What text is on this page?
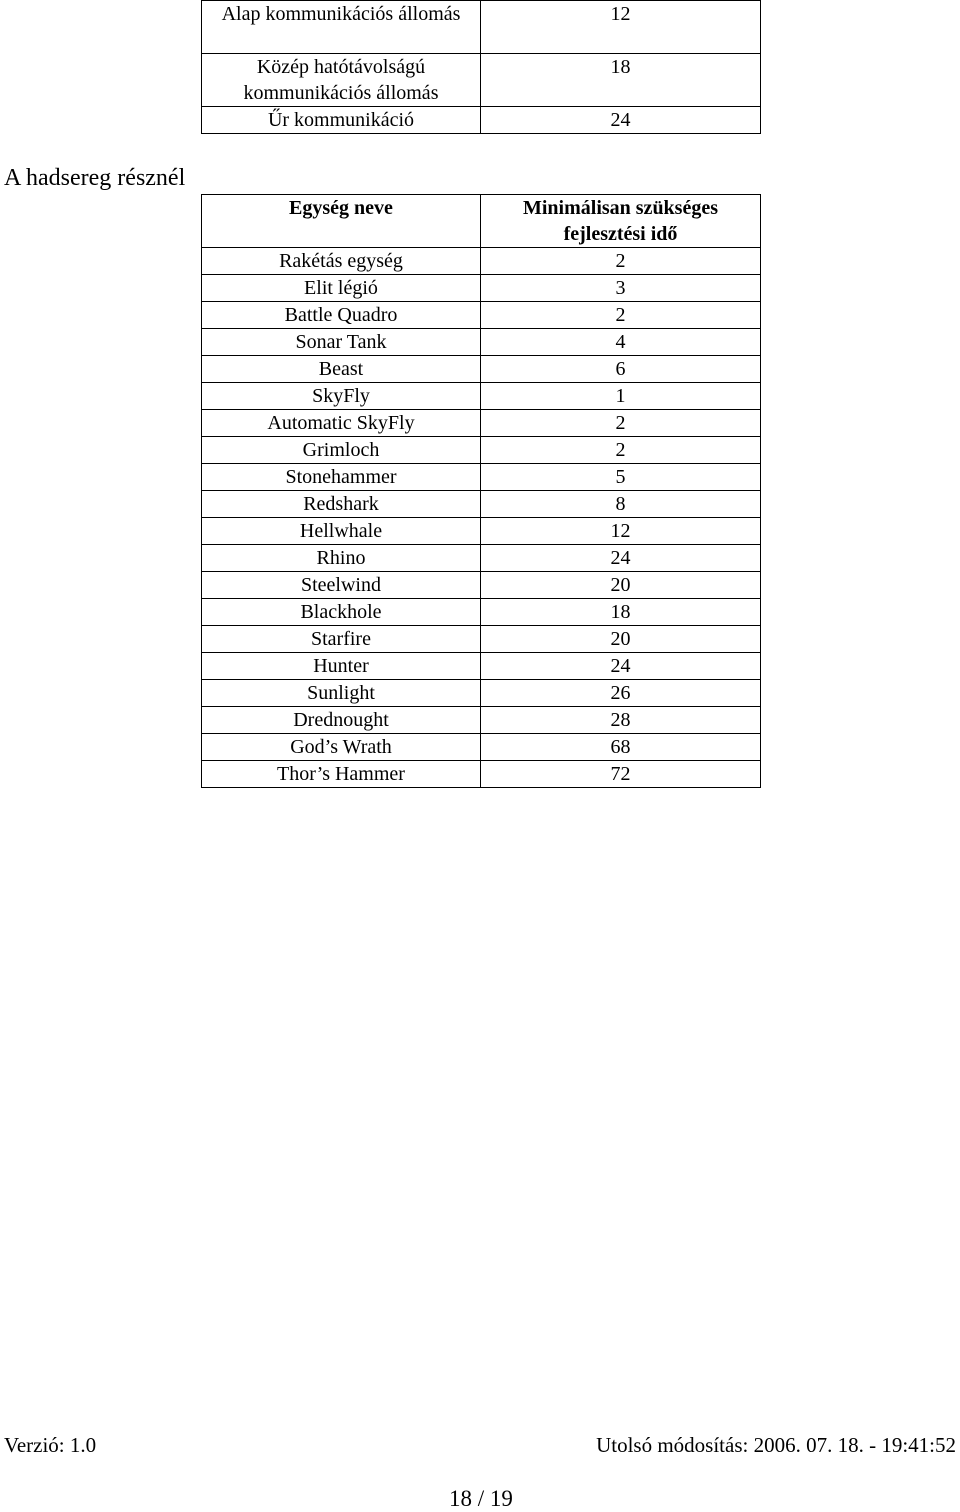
Alap kommunikációs állomás	12
Közép hatótávolságú kommunikációs állomás	18
Űr kommunikáció	24
A hadsereg résznél
Egység neve	Minimálisan szükséges fejlesztési idő
Rakétás egység	2
Elit légió	3
Battle Quadro	2
Sonar Tank	4
Beast	6
SkyFly	1
Automatic SkyFly	2
Grimloch	2
Stonehammer	5
Redshark	8
Hellwhale	12
Rhino	24
Steelwind	20
Blackhole	18
Starfire	20
Hunter	24
Sunlight	26
Drednought	28
God’s Wrath	68
Thor’s Hammer	72
Verzió: 1.0	Utolsó módosítás: 2006. 07. 18. - 19:41:52
18 / 19
